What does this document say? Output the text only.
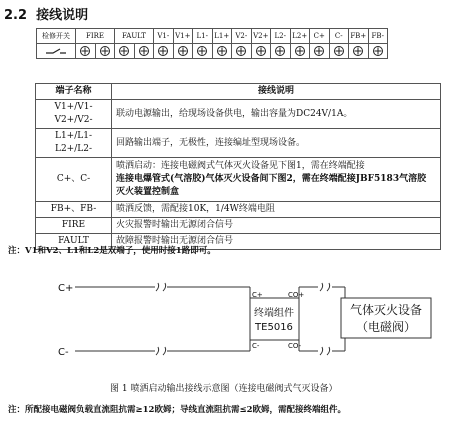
2.2 接线说明
检修开关	FIRE		FAULT		V1-	V1+	L1-	L1+	V2-	V2+	L2-	L2+	C+	C-	FB+	FB-

端子名称	接线说明

V1+/V1-
V2+/V2-	联动电源输出，给现场设备供电，输出容量为DC24V/1A。

L1+/L1-
L2+/L2-	回路输出端子，无极性，连接编址型现场设备。
C+、C-	喷洒启动：连接电磁阀式气体灭火设备见下图1，需在终端配接
连接电爆管式(气溶胶)气体灭火设备间下图2，需在终端配接JBF5183气溶胶
灭火装置控制盒

FB+、FB-	喷洒反馈，需配接10K，1/4W终端电阻
FIRE	火灾报警时输出无源闭合信号
FAULT	故障报警时输出无源闭合信号
注：V1和V2、L1和L2是双端子，使用时接1路即可。
C+
C-
C+
C-
CO+
CO-
终端组件
TE5016
气体灭火设备
（电磁阀）
图 1 喷洒启动输出接线示意图（连接电磁阀式气灭设备）
注：所配接电磁阀负载直流阻抗需≥12欧姆；导线直流阻抗需≤2欧姆，需配接终端组件。
